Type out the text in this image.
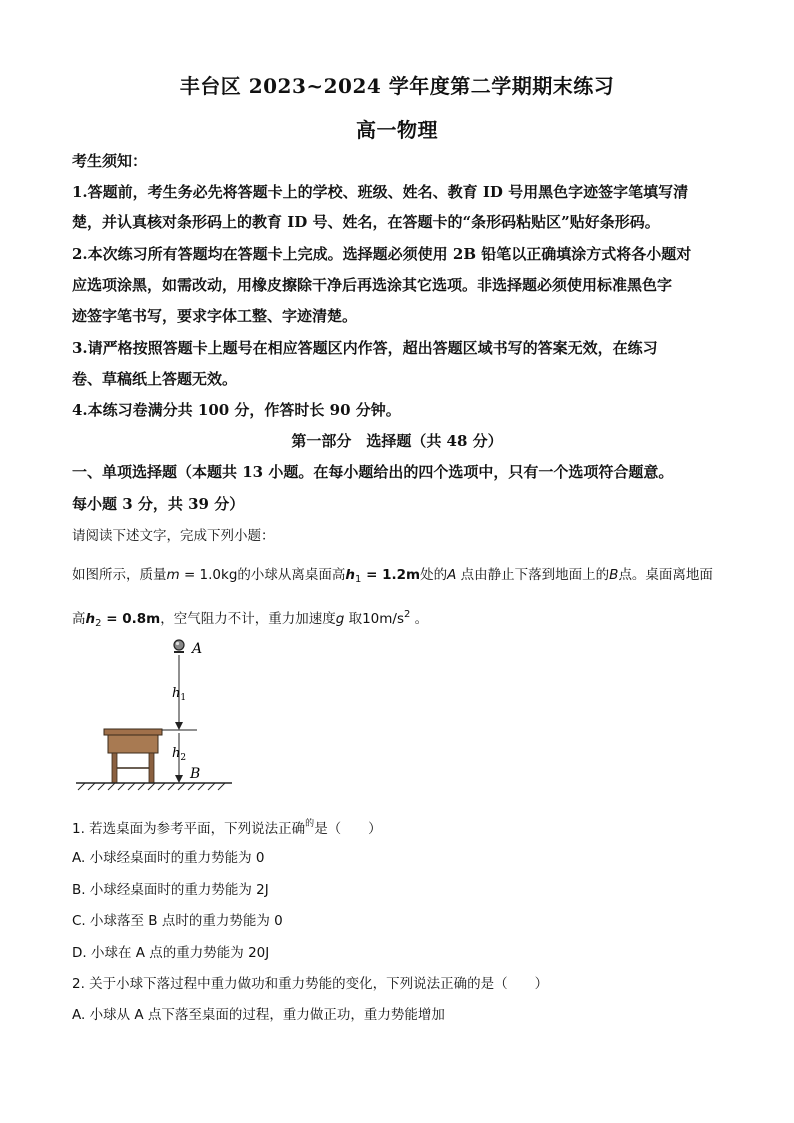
丰台区 2023~2024 学年度第二学期期末练习
高一物理
考生须知：
1.答题前，考生务必先将答题卡上的学校、班级、姓名、教育 ID 号用黑色字迹签字笔填写清
楚，并认真核对条形码上的教育 ID 号、姓名，在答题卡的“条形码粘贴区”贴好条形码。
2.本次练习所有答题均在答题卡上完成。选择题必须使用 2B 铅笔以正确填涂方式将各小题对
应选项涂黑，如需改动，用橡皮擦除干净后再选涂其它选项。非选择题必须使用标准黑色字
迹签字笔书写，要求字体工整、字迹清楚。
3.请严格按照答题卡上题号在相应答题区内作答，超出答题区域书写的答案无效，在练习
卷、草稿纸上答题无效。
4.本练习卷满分共 100 分，作答时长 90 分钟。
第一部分　选择题（共 48 分）
一、单项选择题（本题共 13 小题。在每小题给出的四个选项中，只有一个选项符合题意。
每小题 3 分，共 39 分）
请阅读下述文字，完成下列小题：
如图所示，质量m = 1.0kg的小球从离桌面高$h_1 = 1.2m$处的A 点由静止下落到地面上的B点。桌面离地面
高$h_2 = 0.8m$，空气阻力不计，重力加速度g 取$10m/s^2$ 。
A
$h_1$
$h_2$
B
1. 若选桌面为参考平面，下列说法正确$^的$是（　　）
A. 小球经桌面时的重力势能为 0
B. 小球经桌面时的重力势能为 2J
C. 小球落至 B 点时的重力势能为 0
D. 小球在 A 点的重力势能为 20J
2. 关于小球下落过程中重力做功和重力势能的变化，下列说法正确的是（　　）
A. 小球从 A 点下落至桌面的过程，重力做正功，重力势能增加
